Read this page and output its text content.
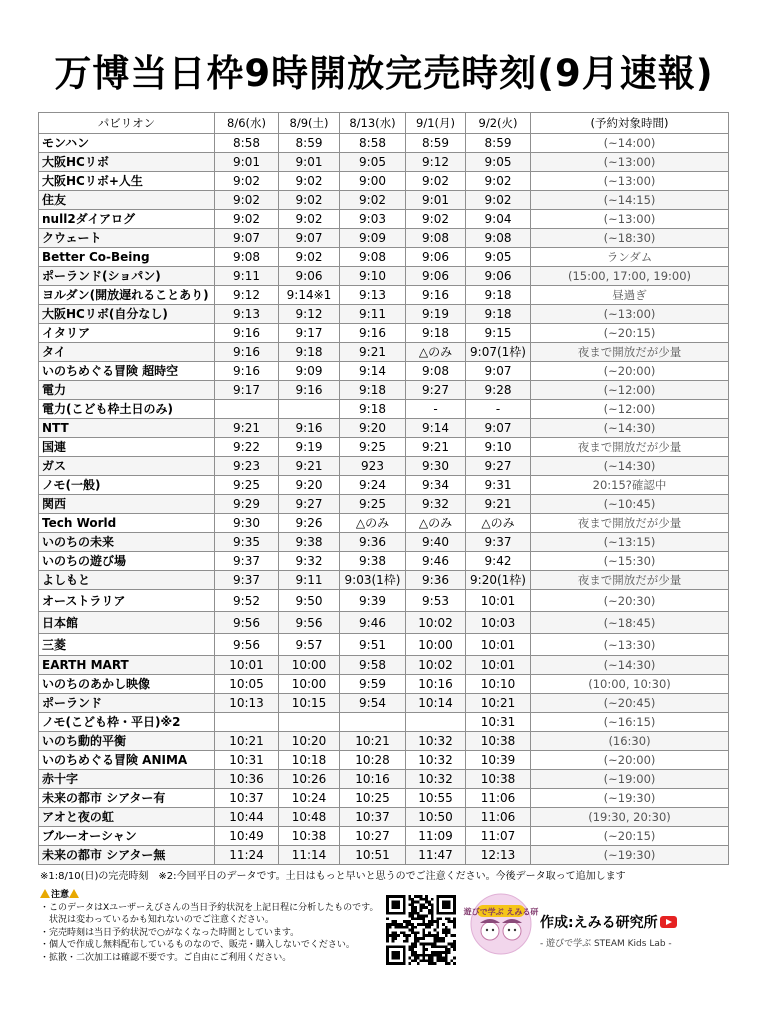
万博当日枠9時開放完売時刻(9月速報)
パビリオン	8/6(水)	8/9(土)	8/13(水)	9/1(月)	9/2(火)	(予約対象時間)
モンハン	8:58	8:59	8:58	8:59	8:59	(~14:00)
大阪HCリボ	9:01	9:01	9:05	9:12	9:05	(~13:00)
大阪HCリボ+人生	9:02	9:02	9:00	9:02	9:02	(~13:00)
住友	9:02	9:02	9:02	9:01	9:02	(~14:15)
null2ダイアログ	9:02	9:02	9:03	9:02	9:04	(~13:00)
クウェート	9:07	9:07	9:09	9:08	9:08	(~18:30)
Better Co-Being	9:08	9:02	9:08	9:06	9:05	ランダム
ポーランド(ショパン)	9:11	9:06	9:10	9:06	9:06	(15:00, 17:00, 19:00)
ヨルダン(開放遅れることあり)	9:12	9:14※1	9:13	9:16	9:18	昼過ぎ
大阪HCリボ(自分なし)	9:13	9:12	9:11	9:19	9:18	(~13:00)
イタリア	9:16	9:17	9:16	9:18	9:15	(~20:15)
タイ	9:16	9:18	9:21	△のみ	9:07(1枠)	夜まで開放だが少量
いのちめぐる冒険 超時空	9:16	9:09	9:14	9:08	9:07	(~20:00)
電力	9:17	9:16	9:18	9:27	9:28	(~12:00)
電力(こども枠土日のみ)			9:18	-	-	(~12:00)
NTT	9:21	9:16	9:20	9:14	9:07	(~14:30)
国連	9:22	9:19	9:25	9:21	9:10	夜まで開放だが少量
ガス	9:23	9:21	923	9:30	9:27	(~14:30)
ノモ(一般)	9:25	9:20	9:24	9:34	9:31	20:15?確認中
関西	9:29	9:27	9:25	9:32	9:21	(~10:45)
Tech World	9:30	9:26	△のみ	△のみ	△のみ	夜まで開放だが少量
いのちの未来	9:35	9:38	9:36	9:40	9:37	(~13:15)
いのちの遊び場	9:37	9:32	9:38	9:46	9:42	(~15:30)
よしもと	9:37	9:11	9:03(1枠)	9:36	9:20(1枠)	夜まで開放だが少量
オーストラリア	9:52	9:50	9:39	9:53	10:01	(~20:30)
日本館	9:56	9:56	9:46	10:02	10:03	(~18:45)
三菱	9:56	9:57	9:51	10:00	10:01	(~13:30)
EARTH MART	10:01	10:00	9:58	10:02	10:01	(~14:30)
いのちのあかし映像	10:05	10:00	9:59	10:16	10:10	(10:00, 10:30)
ポーランド	10:13	10:15	9:54	10:14	10:21	(~20:45)
ノモ(こども枠・平日)※2					10:31	(~16:15)
いのち動的平衡	10:21	10:20	10:21	10:32	10:38	(16:30)
いのちめぐる冒険 ANIMA	10:31	10:18	10:28	10:32	10:39	(~20:00)
赤十字	10:36	10:26	10:16	10:32	10:38	(~19:00)
未来の都市 シアター有	10:37	10:24	10:25	10:55	11:06	(~19:30)
アオと夜の虹	10:44	10:48	10:37	10:50	11:06	(19:30, 20:30)
ブルーオーシャン	10:49	10:38	10:27	11:09	11:07	(~20:15)
未来の都市 シアター無	11:24	11:14	10:51	11:47	12:13	(~19:30)
※1:8/10(日)の完売時刻　※2:今回平日のデータです。土日はもっと早いと思うのでご注意ください。今後データ取って追加します
注意
・このデータはXユーザーえびさんの当日予約状況を上記日程に分析したものです。
　状況は変わっているかも知れないのでご注意ください。
・完売時刻は当日予約状況で○がなくなった時間としています。
・個人で作成し無料配布しているものなので、販売・購入しないでください。
・拡散・二次加工は確認不要です。ご自由にご利用ください。
遊びで学ぶ えみる研
作成:えみる研究所
- 遊びで学ぶ STEAM Kids Lab -
